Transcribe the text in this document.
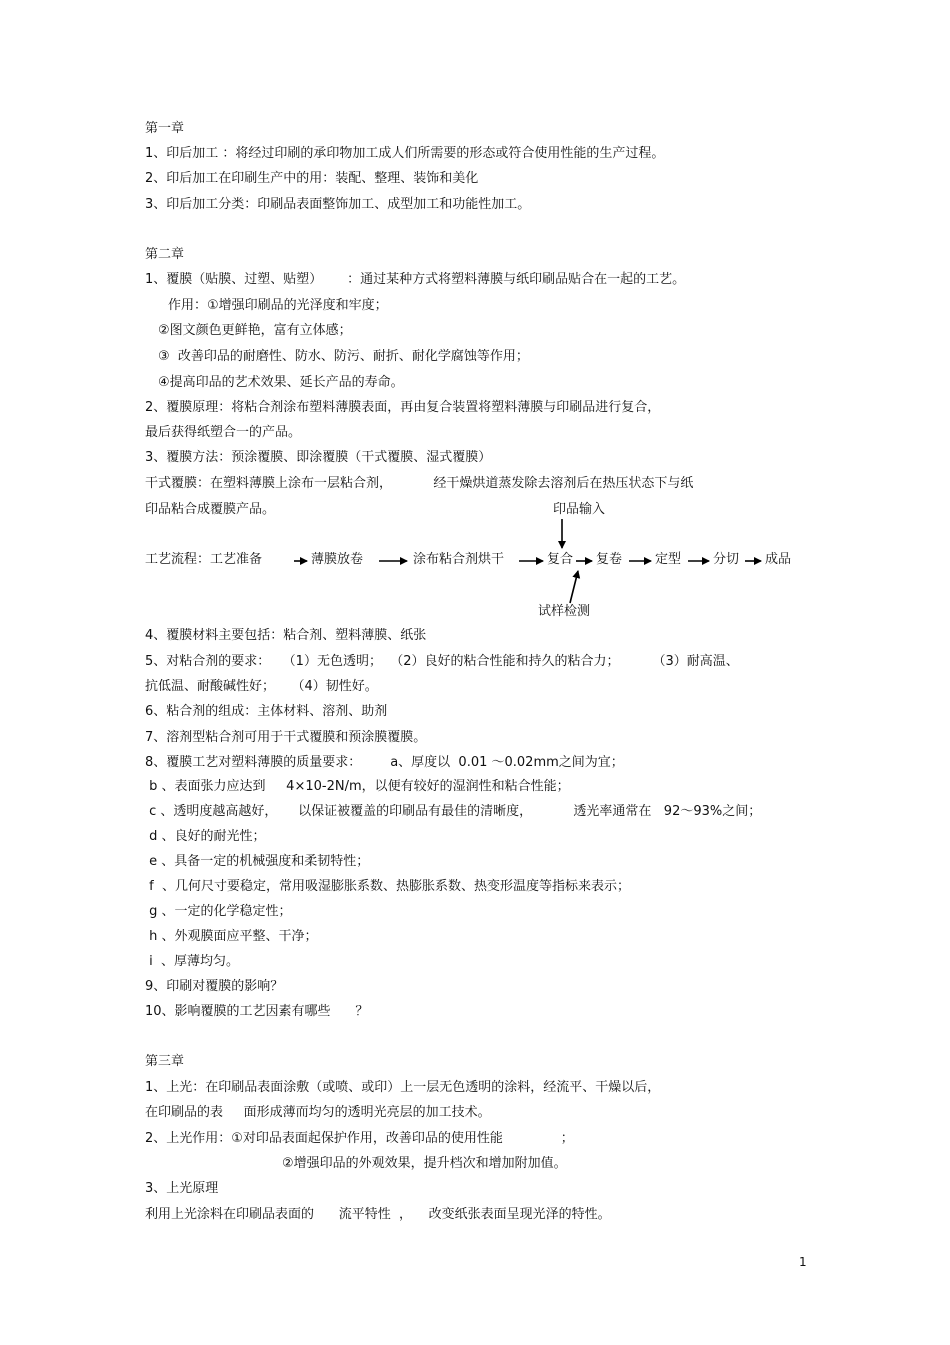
第一章
1、印后加工 ：将经过印刷的承印物加工成人们所需要的形态或符合使用性能的生产过程。
2、印后加工在印刷生产中的用：装配、整理、装饰和美化
3、印后加工分类：印刷品表面整饰加工、成型加工和功能性加工。
第二章
1、覆膜（贴膜、过塑、贴塑）      ：通过某种方式将塑料薄膜与纸印刷品贴合在一起的工艺。
作用：①增强印刷品的光泽度和牢度；
②图文颜色更鲜艳，富有立体感；
③  改善印品的耐磨性、防水、防污、耐折、耐化学腐蚀等作用；
④提高印品的艺术效果、延长产品的寿命。
2、覆膜原理：将粘合剂涂布塑料薄膜表面，再由复合装置将塑料薄膜与印刷品进行复合，
最后获得纸塑合一的产品。
3、覆膜方法：预涂覆膜、即涂覆膜（干式覆膜、湿式覆膜）
干式覆膜：在塑料薄膜上涂布一层粘合剂，          经干燥烘道蒸发除去溶剂后在热压状态下与纸
印品粘合成覆膜产品。	印品输入
工艺流程：工艺准备	薄膜放卷	涂布粘合剂烘干	复合 复卷	定型 分切 成品
试样检测
4、覆膜材料主要包括：粘合剂、塑料薄膜、纸张
5、对粘合剂的要求：   （1）无色透明；  （2）良好的粘合性能和持久的粘合力；        （3）耐高温、
抗低温、耐酸碱性好；    （4）韧性好。
6、粘合剂的组成：主体材料、溶剂、助剂
7、溶剂型粘合剂可用于干式覆膜和预涂膜覆膜。
8、覆膜工艺对塑料薄膜的质量要求：       a、厚度以  0.01 ～0.02mm之间为宜；
b 、表面张力应达到     4×10-2N/m，以便有较好的湿润性和粘合性能；
c 、透明度越高越好，     以保证被覆盖的印刷品有最佳的清晰度，          透光率通常在   92～93%之间；
d 、良好的耐光性；
e 、具备一定的机械强度和柔韧特性；
f  、几何尺寸要稳定，常用吸湿膨胀系数、热膨胀系数、热变形温度等指标来表示；
g 、一定的化学稳定性；
h 、外观膜面应平整、干净；
i  、厚薄均匀。
9、印刷对覆膜的影响？
10、影响覆膜的工艺因素有哪些      ？
第三章
1、上光：在印刷品表面涂敷（或喷、或印）上一层无色透明的涂料，经流平、干燥以后，
在印刷品的表     面形成薄而均匀的透明光亮层的加工技术。
2、上光作用：①对印品表面起保护作用，改善印品的使用性能              ；
②增强印品的外观效果，提升档次和增加附加值。
3、上光原理
利用上光涂料在印刷品表面的      流平特性  ，    改变纸张表面呈现光泽的特性。
1
